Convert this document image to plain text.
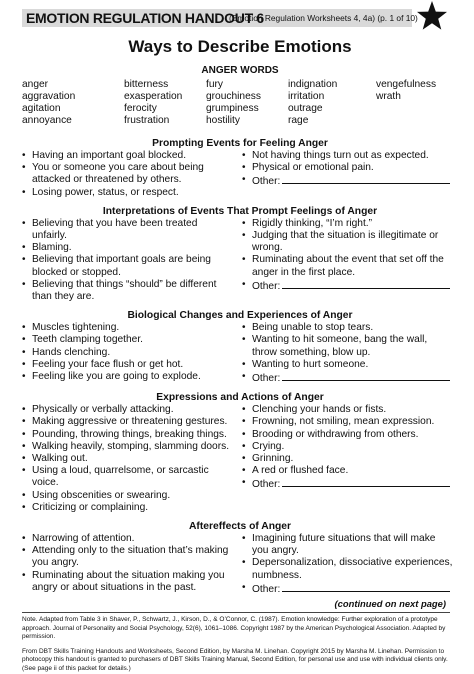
EMOTION REGULATION HANDOUT 6
(Emotion Regulation Worksheets 4, 4a) (p. 1 of 10)
Ways to Describe Emotions
ANGER WORDS
anger
aggravation
agitation
annoyance
bitterness
exasperation
ferocity
frustration
fury
grouchiness
grumpiness
hostility
indignation
irritation
outrage
rage
vengefulness
wrath
Prompting Events for Feeling Anger
• Having an important goal blocked.
• You or someone you care about being attacked or threatened by others.
• Losing power, status, or respect.
• Not having things turn out as expected.
• Physical or emotional pain.
• Other:
Interpretations of Events That Prompt Feelings of Anger
• Believing that you have been treated unfairly.
• Blaming.
• Believing that important goals are being blocked or stopped.
• Believing that things “should” be different than they are.
• Rigidly thinking, “I’m right.”
• Judging that the situation is illegitimate or wrong.
• Ruminating about the event that set off the anger in the first place.
• Other:
Biological Changes and Experiences of Anger
• Muscles tightening.
• Teeth clamping together.
• Hands clenching.
• Feeling your face flush or get hot.
• Feeling like you are going to explode.
• Being unable to stop tears.
• Wanting to hit someone, bang the wall, throw something, blow up.
• Wanting to hurt someone.
• Other:
Expressions and Actions of Anger
• Physically or verbally attacking.
• Making aggressive or threatening gestures.
• Pounding, throwing things, breaking things.
• Walking heavily, stomping, slamming doors.
• Walking out.
• Using a loud, quarrelsome, or sarcastic voice.
• Using obscenities or swearing.
• Criticizing or complaining.
• Clenching your hands or fists.
• Frowning, not smiling, mean expression.
• Brooding or withdrawing from others.
• Crying.
• Grinning.
• A red or flushed face.
• Other:
Aftereffects of Anger
• Narrowing of attention.
• Attending only to the situation that’s making you angry.
• Ruminating about the situation making you angry or about situations in the past.
• Imagining future situations that will make you angry.
• Depersonalization, dissociative experiences, numbness.
• Other:
(continued on next page)
Note. Adapted from Table 3 in Shaver, P., Schwartz, J., Kirson, D., & O’Connor, C. (1987). Emotion knowledge: Further exploration of a prototype approach. Journal of Personality and Social Psychology, 52(6), 1061–1086. Copyright 1987 by the American Psychological Association. Adapted by permission.
From DBT Skills Training Handouts and Worksheets, Second Edition, by Marsha M. Linehan. Copyright 2015 by Marsha M. Linehan. Permission to photocopy this handout is granted to purchasers of DBT Skills Training Manual, Second Edition, for personal use and use with individual clients only. (See page ii of this packet for details.)
